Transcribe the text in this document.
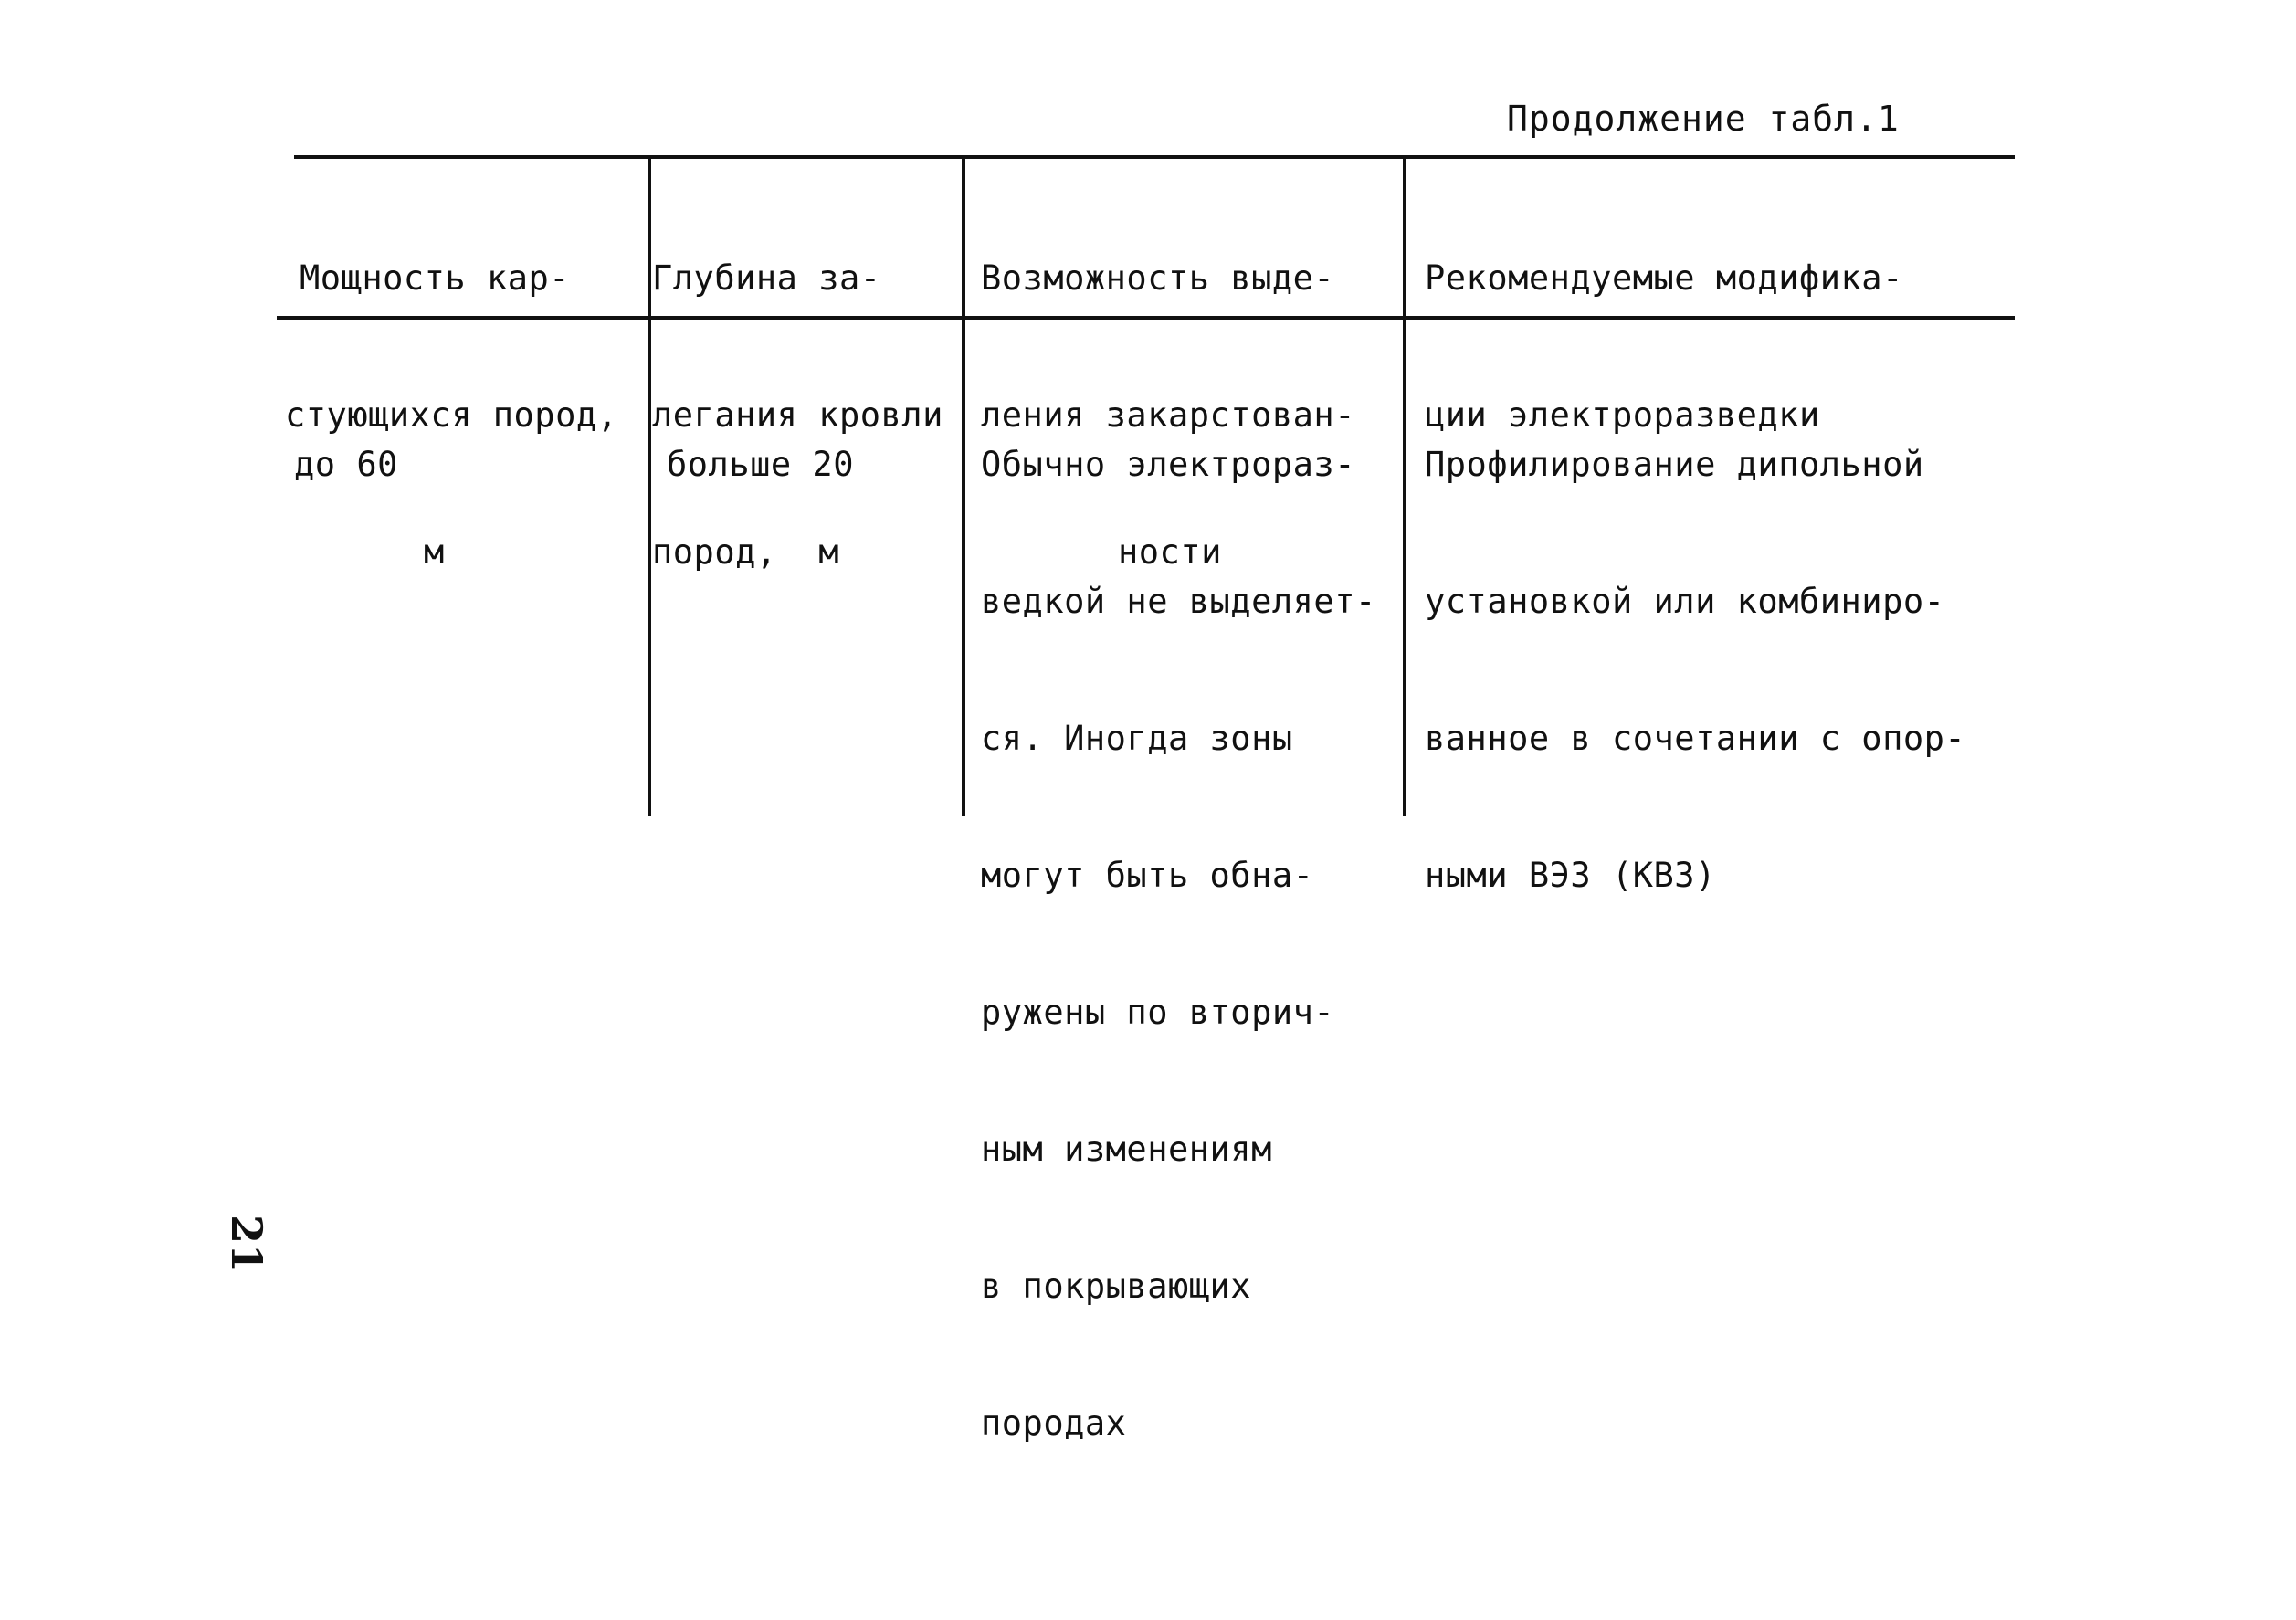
Продолжение табл.1

Мощность кар-

стующихся пород,

м

Глубина за-

легания кровли

пород,  м

Возможность выде-

ления закарстован-

ности

Рекомендуемые модифика-

ции электроразведки

до 60

	больше 20

	Обычно электрораз-

ведкой не выделяет-

ся. Иногда зоны

могут быть обна-

ружены по вторич-

ным изменениям

в покрывающих

породах

Профилирование дипольной

установкой или комбиниро-

ванное в сочетании с опор-

ными ВЭЗ (КВЗ)

21
